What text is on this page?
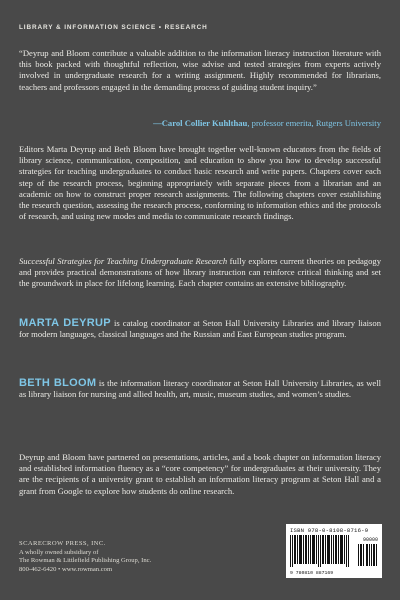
LIBRARY & INFORMATION SCIENCE • RESEARCH

“Deyrup and Bloom contribute a valuable addition to the information literacy instruction literature with this book packed with thoughtful reflection, wise advise and tested strategies from experts actively involved in undergraduate research for a writing assignment. Highly recommended for librarians, teachers and professors engaged in the demanding process of guiding student inquiry.”

—Carol Collier Kuhlthau, professor emerita, Rutgers University

Editors Marta Deyrup and Beth Bloom have brought together well-known educators from the fields of library science, communication, composition, and education to show you how to develop successful strategies for teaching undergraduates to conduct basic research and write papers. Chapters cover each step of the research process, beginning appropriately with separate pieces from a librarian and an academic on how to construct proper research assignments. The following chapters cover establishing the research question, assessing the research process, conforming to information ethics and the protocols of research, and using new modes and media to communicate research findings.

Successful Strategies for Teaching Undergraduate Research fully explores current theories on pedagogy and provides practical demonstrations of how library instruction can reinforce critical thinking and set the groundwork in place for lifelong learning. Each chapter contains an extensive bibliography.

MARTA DEYRUP is catalog coordinator at Seton Hall University Libraries and library liaison for modern languages, classical languages and the Russian and East European studies program.

BETH BLOOM is the information literacy coordinator at Seton Hall University Libraries, as well as library liaison for nursing and allied health, art, music, museum studies, and women’s studies.

Deyrup and Bloom have partnered on presentations, articles, and a book chapter on information literacy and established information fluency as a “core competency” for undergraduates at their university. They are the recipients of a university grant to establish an information literacy program at Seton Hall and a grant from Google to explore how students do online research.

SCARECROW PRESS, INC.
A wholly owned subsidiary of
The Rowman & Littlefield Publishing Group, Inc.
800-462-6420 • www.rowman.com
ISBN 978-0-8108-8716-9
90000
9 780810 887169
